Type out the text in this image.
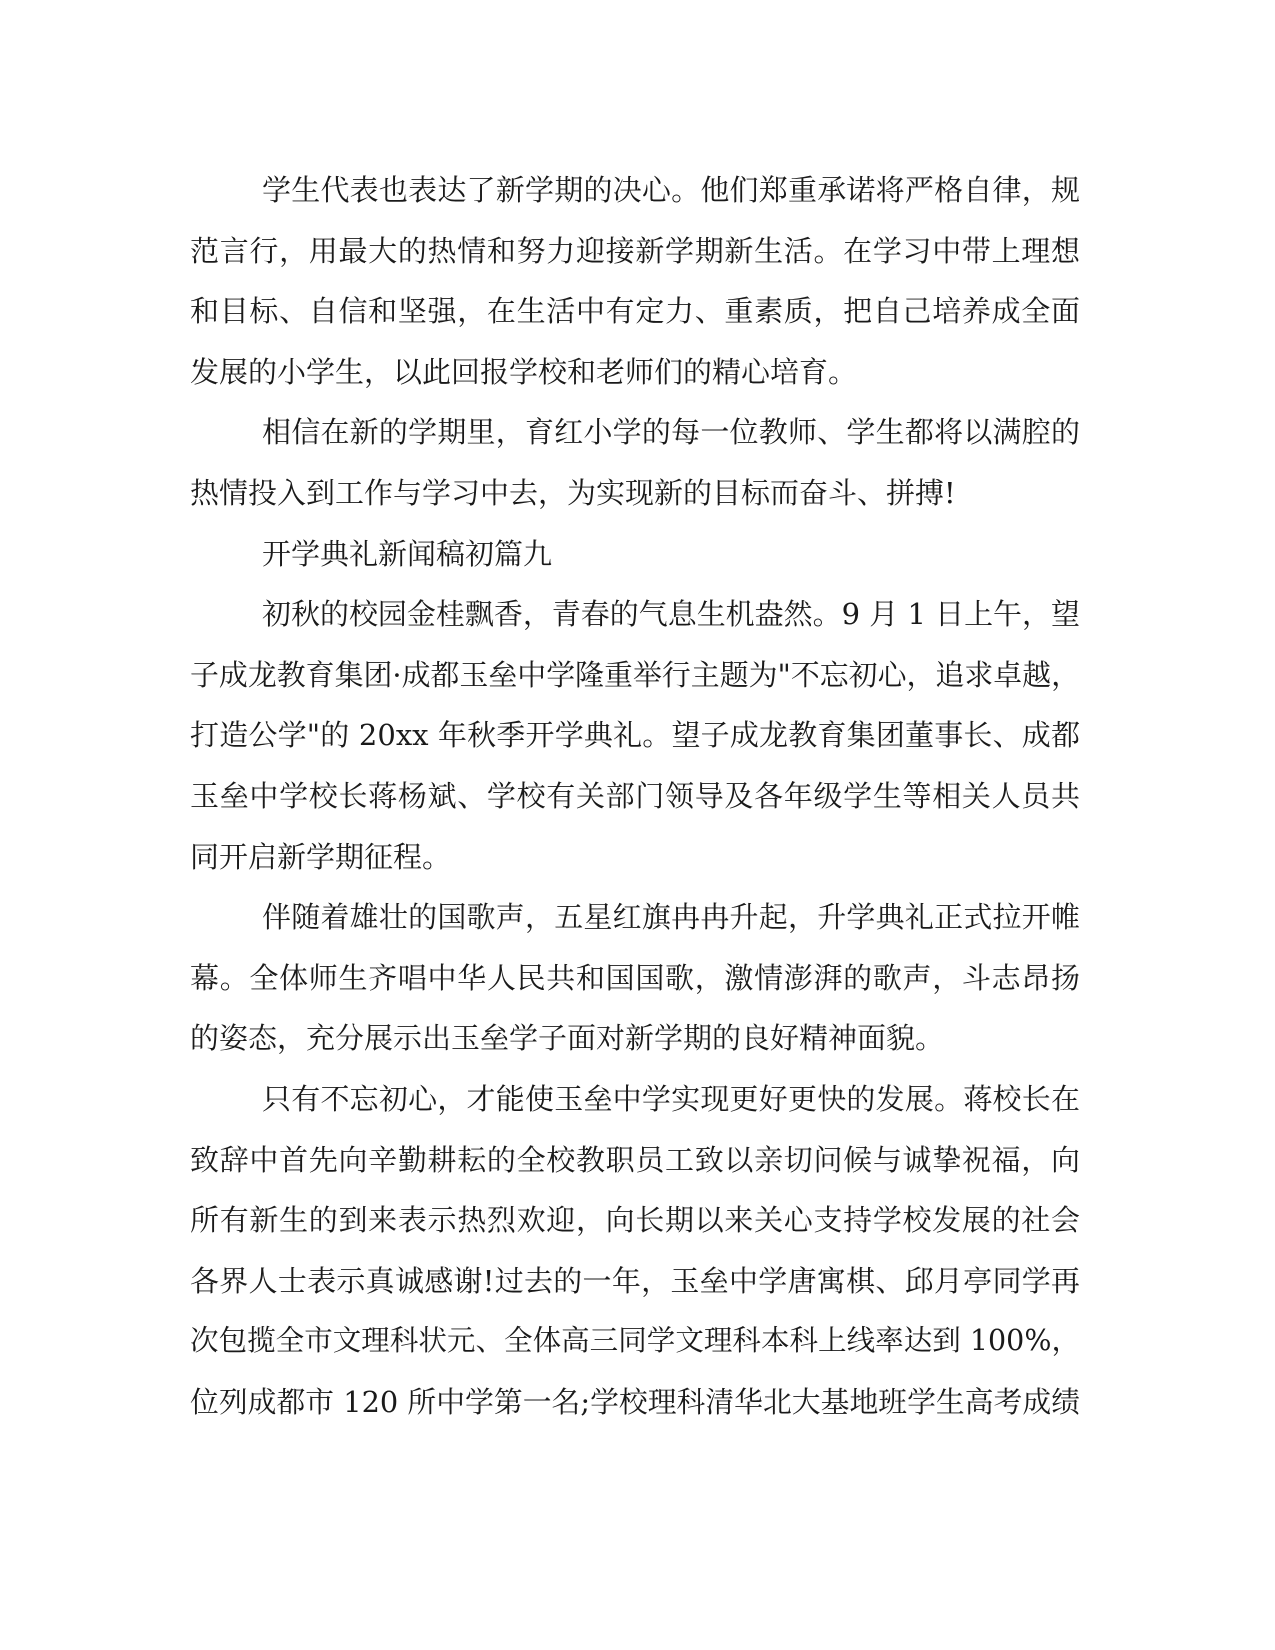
学生代表也表达了新学期的决心。他们郑重承诺将严格自律，规
范言行，用最大的热情和努力迎接新学期新生活。在学习中带上理想
和目标、自信和坚强，在生活中有定力、重素质，把自己培养成全面
发展的小学生，以此回报学校和老师们的精心培育。
相信在新的学期里，育红小学的每一位教师、学生都将以满腔的
热情投入到工作与学习中去，为实现新的目标而奋斗、拼搏!
开学典礼新闻稿初篇九
初秋的校园金桂飘香，青春的气息生机盎然。9 月 1 日上午，望
子成龙教育集团·成都玉垒中学隆重举行主题为"不忘初心，追求卓越，
打造公学"的 20xx 年秋季开学典礼。望子成龙教育集团董事长、成都
玉垒中学校长蒋杨斌、学校有关部门领导及各年级学生等相关人员共
同开启新学期征程。
伴随着雄壮的国歌声，五星红旗冉冉升起，升学典礼正式拉开帷
幕。全体师生齐唱中华人民共和国国歌，激情澎湃的歌声，斗志昂扬
的姿态，充分展示出玉垒学子面对新学期的良好精神面貌。
只有不忘初心，才能使玉垒中学实现更好更快的发展。蒋校长在
致辞中首先向辛勤耕耘的全校教职员工致以亲切问候与诚挚祝福，向
所有新生的到来表示热烈欢迎，向长期以来关心支持学校发展的社会
各界人士表示真诚感谢!过去的一年，玉垒中学唐寓棋、邱月亭同学再
次包揽全市文理科状元、全体高三同学文理科本科上线率达到 100%，
位列成都市 120 所中学第一名;学校理科清华北大基地班学生高考成绩
